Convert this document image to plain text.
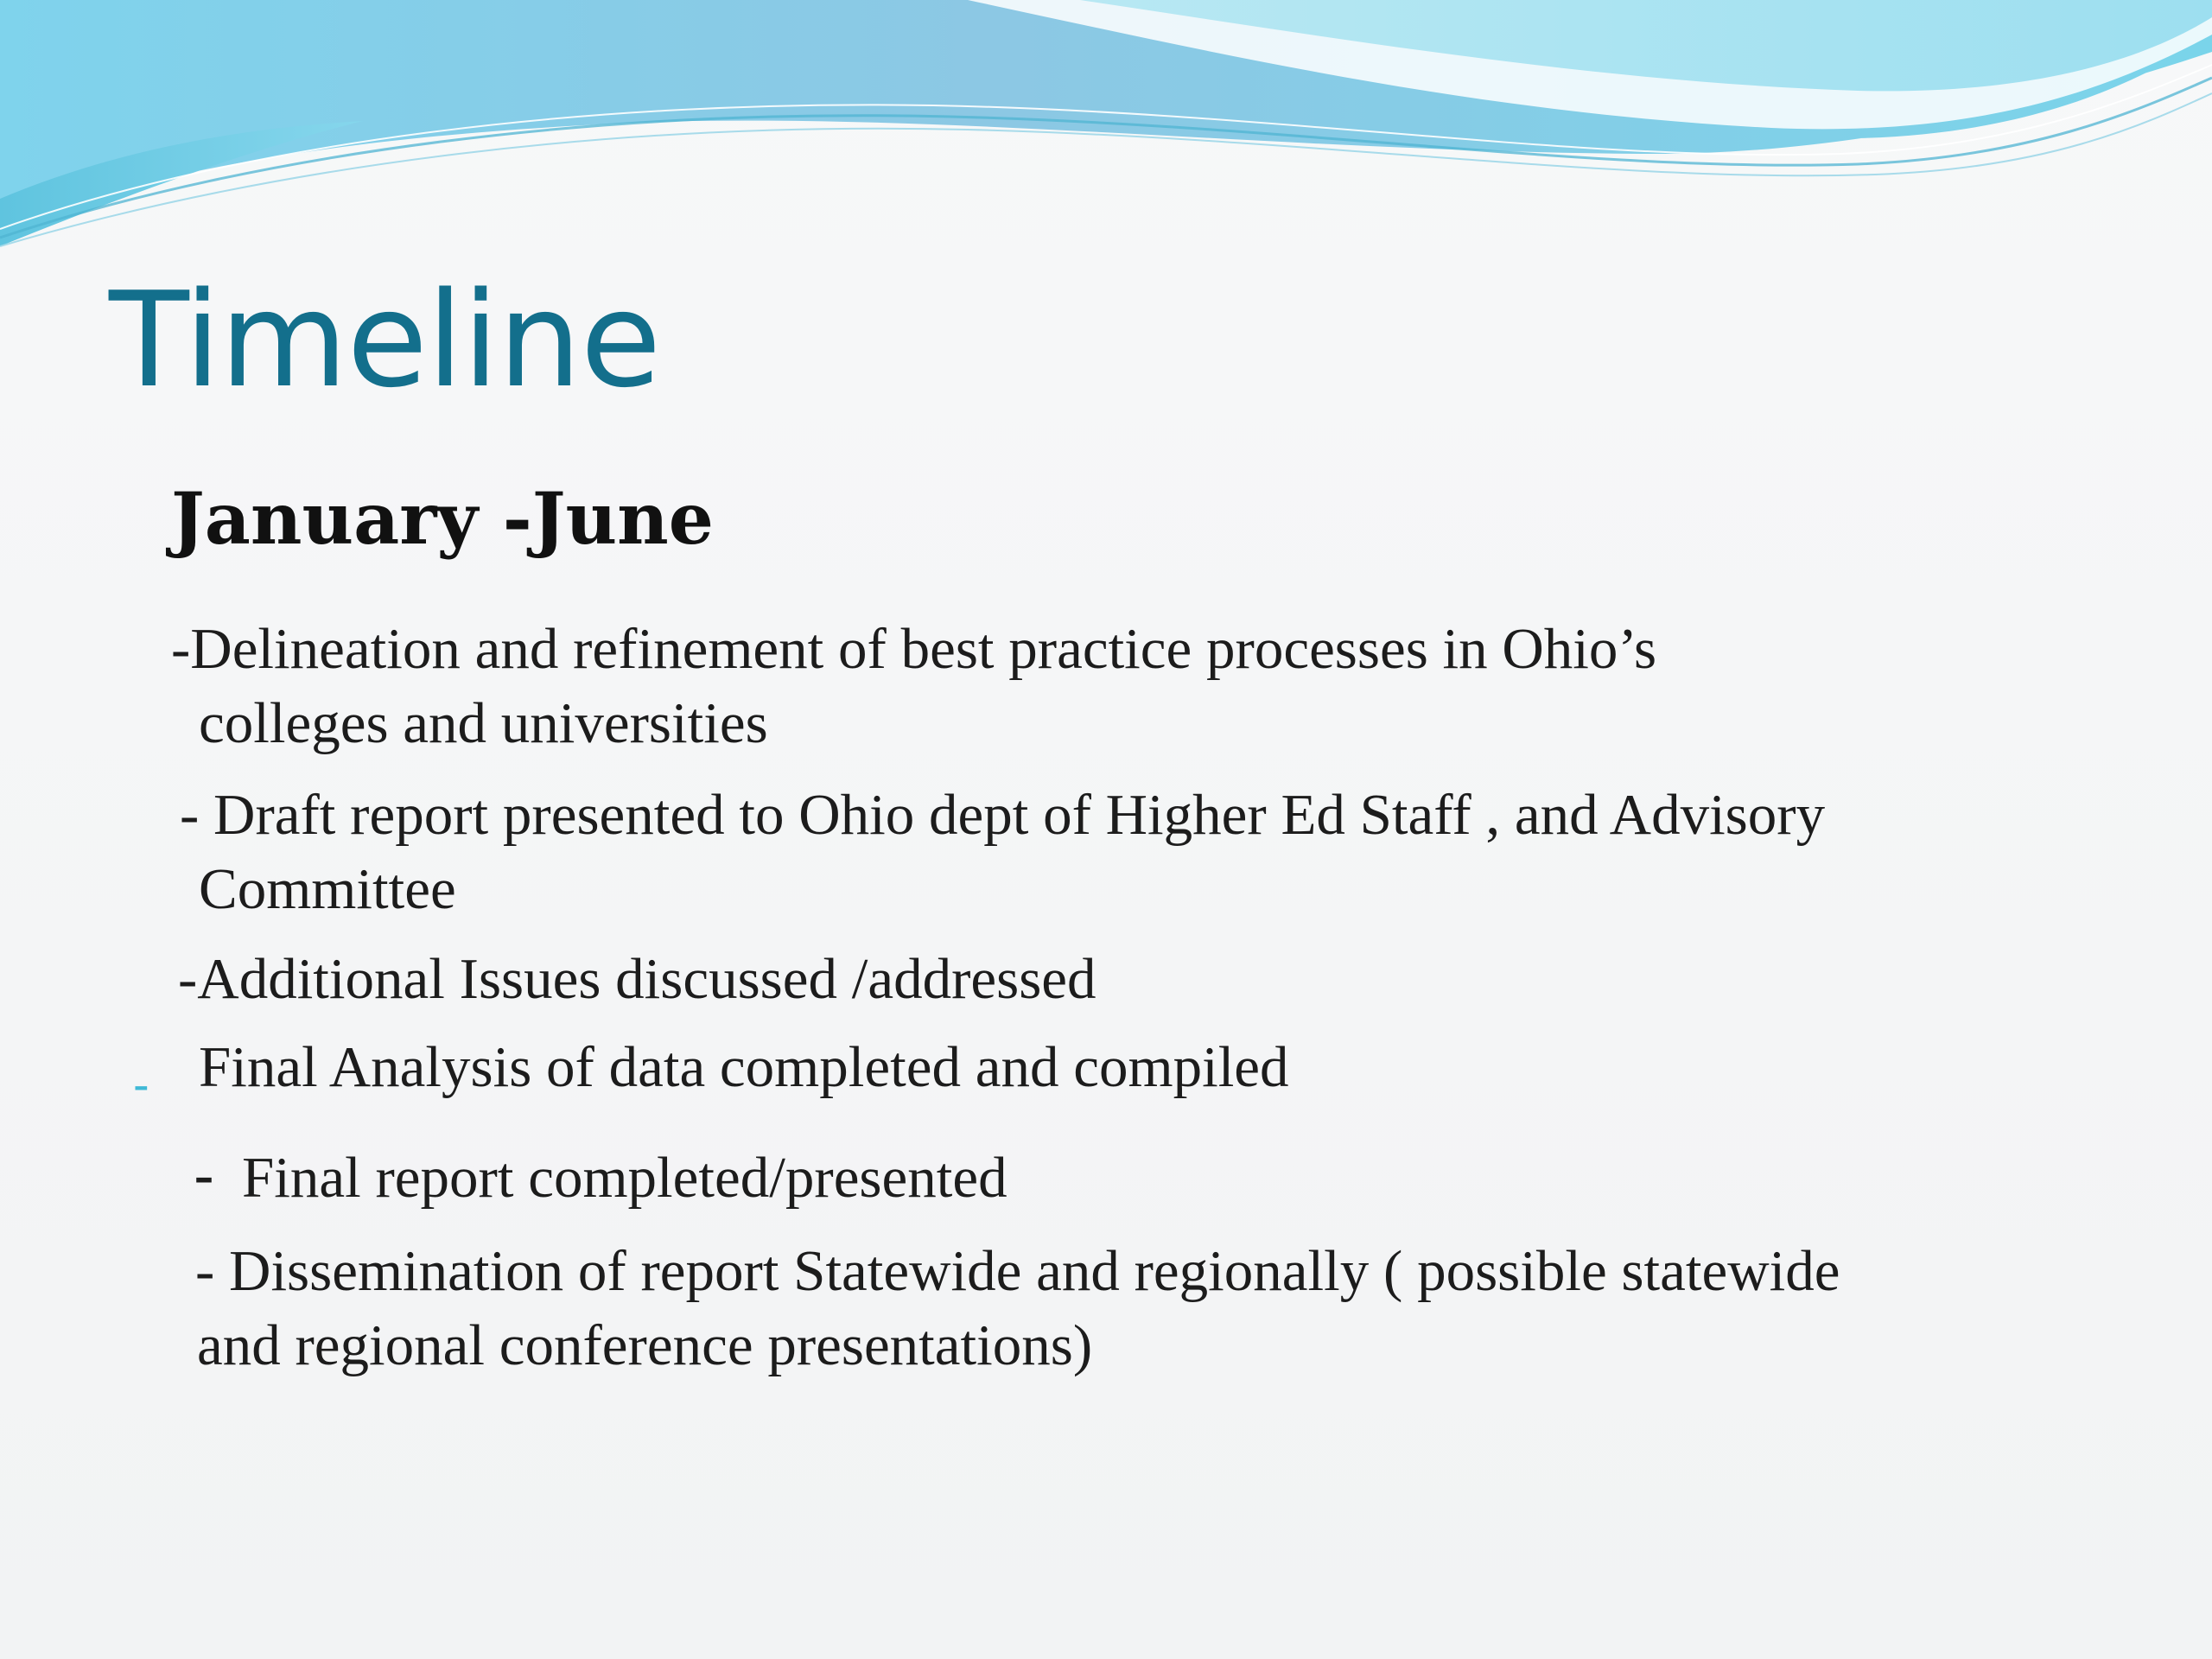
Timeline
January -June

-Delineation and refinement of best practice processes in Ohio’s

colleges and universities

- Draft report presented to Ohio dept of Higher Ed Staff , and Advisory

Committee

-Additional Issues discussed /addressed

- Final Analysis of data completed and compiled

- Final report completed/presented

- Dissemination of report Statewide and regionally ( possible statewide

and regional conference presentations)
